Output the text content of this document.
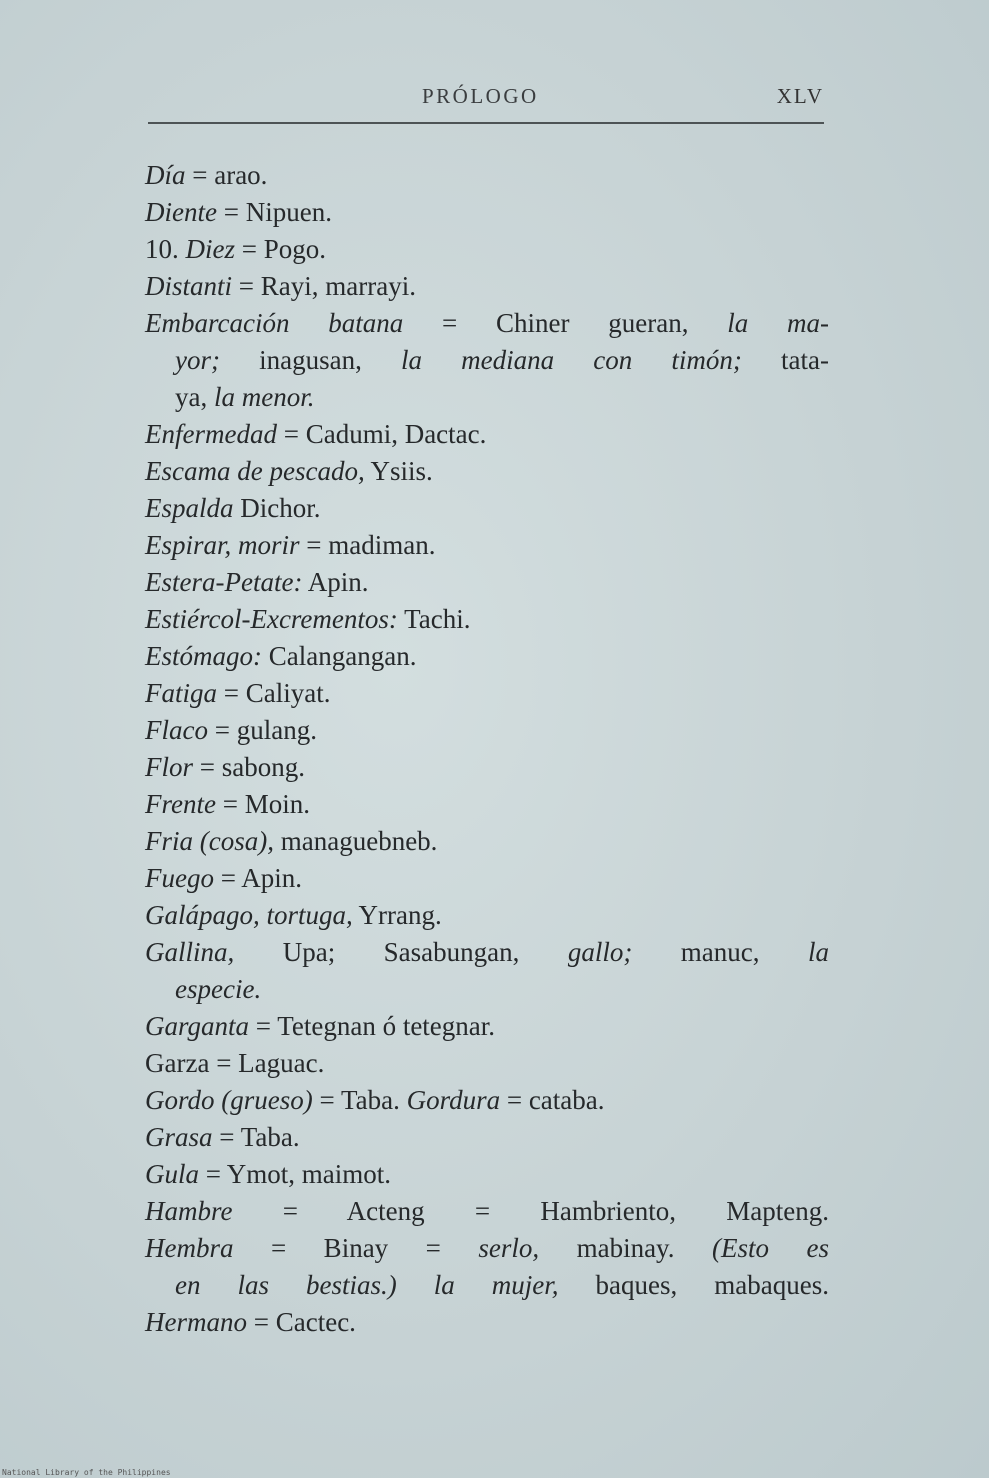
PRÓLOGO	XLV
Día = arao.
Diente = Nipuen.
10. Diez = Pogo.
Distanti = Rayi, marrayi.
Embarcación batana = Chiner gueran, la ma-
yor; inagusan, la mediana con timón; tata-
ya, la menor.
Enfermedad = Cadumi, Dactac.
Escama de pescado, Ysiis.
Espalda Dichor.
Espirar, morir = madiman.
Estera-Petate: Apin.
Estiércol-Excrementos: Tachi.
Estómago: Calangangan.
Fatiga = Caliyat.
Flaco = gulang.
Flor = sabong.
Frente = Moin.
Fria (cosa), managuebneb.
Fuego = Apin.
Galápago, tortuga, Yrrang.
Gallina, Upa; Sasabungan, gallo; manuc, la
especie.
Garganta = Tetegnan ó tetegnar.
Garza = Laguac.
Gordo (grueso) = Taba. Gordura = cataba.
Grasa = Taba.
Gula = Ymot, maimot.
Hambre = Acteng = Hambriento, Mapteng.
Hembra = Binay = serlo, mabinay. (Esto es
en las bestias.) la mujer, baques, mabaques.
Hermano = Cactec.
National Library of the Philippines
